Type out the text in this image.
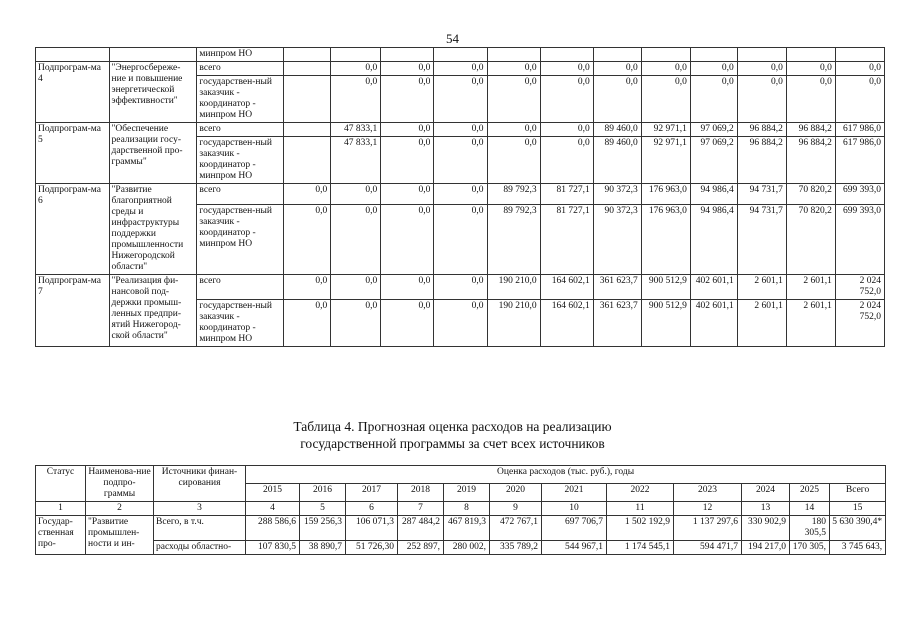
54
		минпром НО												
Подпрограм-ма 4	"Энергосбереже-ние и повышение энергетической эффективности"	всего		0,0	0,0	0,0	0,0	0,0	0,0	0,0	0,0	0,0	0,0	0,0
		государствен-ный заказчик - координатор - минпром НО		0,0	0,0	0,0	0,0	0,0	0,0	0,0	0,0	0,0	0,0	0,0
Подпрограм-ма 5	"Обеспечение реализации госу-дарственной про-граммы"	всего		47 833,1	0,0	0,0	0,0	0,0	89 460,0	92 971,1	97 069,2	96 884,2	96 884,2	617 986,0
		государствен-ный заказчик - координатор - минпром НО		47 833,1	0,0	0,0	0,0	0,0	89 460,0	92 971,1	97 069,2	96 884,2	96 884,2	617 986,0
Подпрограм-ма 6	"Развитие благоприятной среды и инфраструктуры поддержки промышленности Нижегородской области"	всего	0,0	0,0	0,0	0,0	89 792,3	81 727,1	90 372,3	176 963,0	94 986,4	94 731,7	70 820,2	699 393,0
		государствен-ный заказчик - координатор - минпром НО	0,0	0,0	0,0	0,0	89 792,3	81 727,1	90 372,3	176 963,0	94 986,4	94 731,7	70 820,2	699 393,0
Подпрограм-ма 7	"Реализация фи-нансовой под-держки промыш-ленных предпри-ятий Нижегород-ской области"	всего	0,0	0,0	0,0	0,0	190 210,0	164 602,1	361 623,7	900 512,9	402 601,1	2 601,1	2 601,1	2 024 752,0
		государствен-ный заказчик - координатор - минпром НО	0,0	0,0	0,0	0,0	190 210,0	164 602,1	361 623,7	900 512,9	402 601,1	2 601,1	2 601,1	2 024 752,0
Таблица 4. Прогнозная оценка расходов на реализацию
государственной программы за счет всех источников
Статус	Наименова-ние подпро-граммы	Источники финан-сирования	Оценка расходов (тыс. руб.), годы											
			2015	2016	2017	2018	2019	2020	2021	2022	2023	2024	2025	Всего
1	2	3	4	5	6	7	8	9	10	11	12	13	14	15
Государ-ственная про-	"Развитие промышлен-ности и ин-	Всего, в т.ч.	288 586,6	159 256,3	106 071,3	287 484,2	467 819,3	472 767,1	697 706,7	1 502 192,9	1 137 297,6	330 902,9	180 305,5	5 630 390,4*
		расходы областно-	107 830,5	38 890,7	51 726,30	252 897,	280 002,	335 789,2	544 967,1	1 174 545,1	594 471,7	194 217,0	170 305,	3 745 643,
